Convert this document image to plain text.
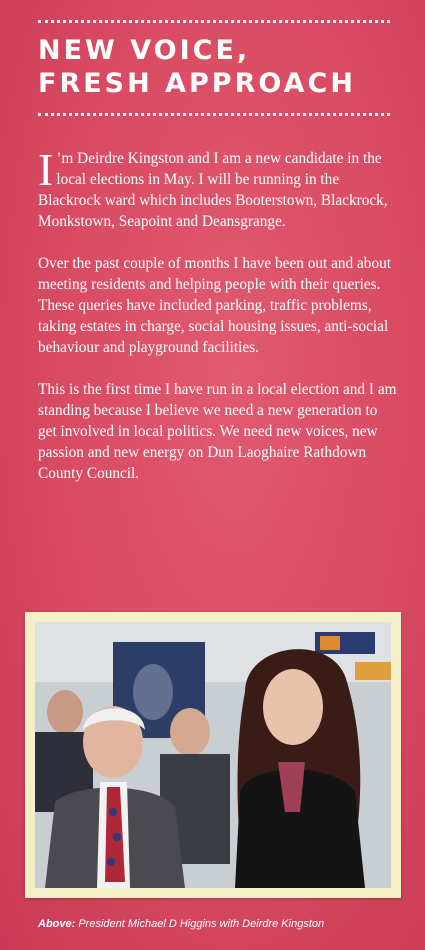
NEW VOICE,
FRESH APPROACH

I ’m Deirdre Kingston and I am a new candidate in the local elections in May. I will be running in the Blackrock ward which includes Booterstown, Blackrock, Monkstown, Seapoint and Deansgrange.

Over the past couple of months I have been out and about meeting residents and helping people with their queries. These queries have included parking, traffic problems, taking estates in charge, social housing issues, anti-social behaviour and playground facilities.

This is the first time I have run in a local election and I am standing because I believe we need a new generation to get involved in local politics. We need new voices, new passion and new energy on Dun Laoghaire Rathdown County Council.

Above: President Michael D Higgins with Deirdre Kingston
